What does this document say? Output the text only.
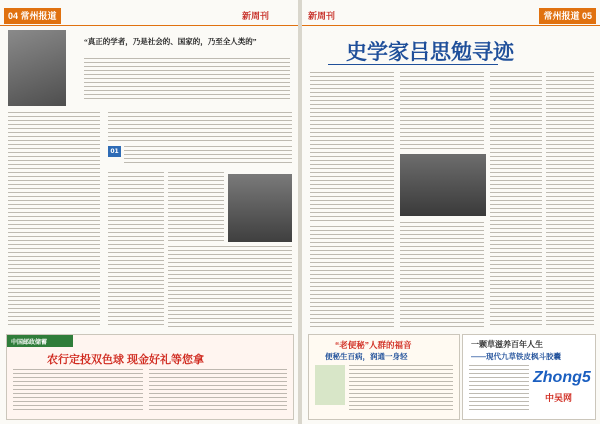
04 常州报道	新周刊
“真正的学者，乃是社会的、国家的，乃至全人类的”
01
中国邮政储蓄
农行定投双色球 现金好礼等您拿
新周刊	常州报道 05
史学家吕思勉寻迹
“老便秘”人群的福音
便秘生百病，润通一身轻
一颗草滋养百年人生
——现代九草铁皮枫斗胶囊
Zhong5
中吴网
